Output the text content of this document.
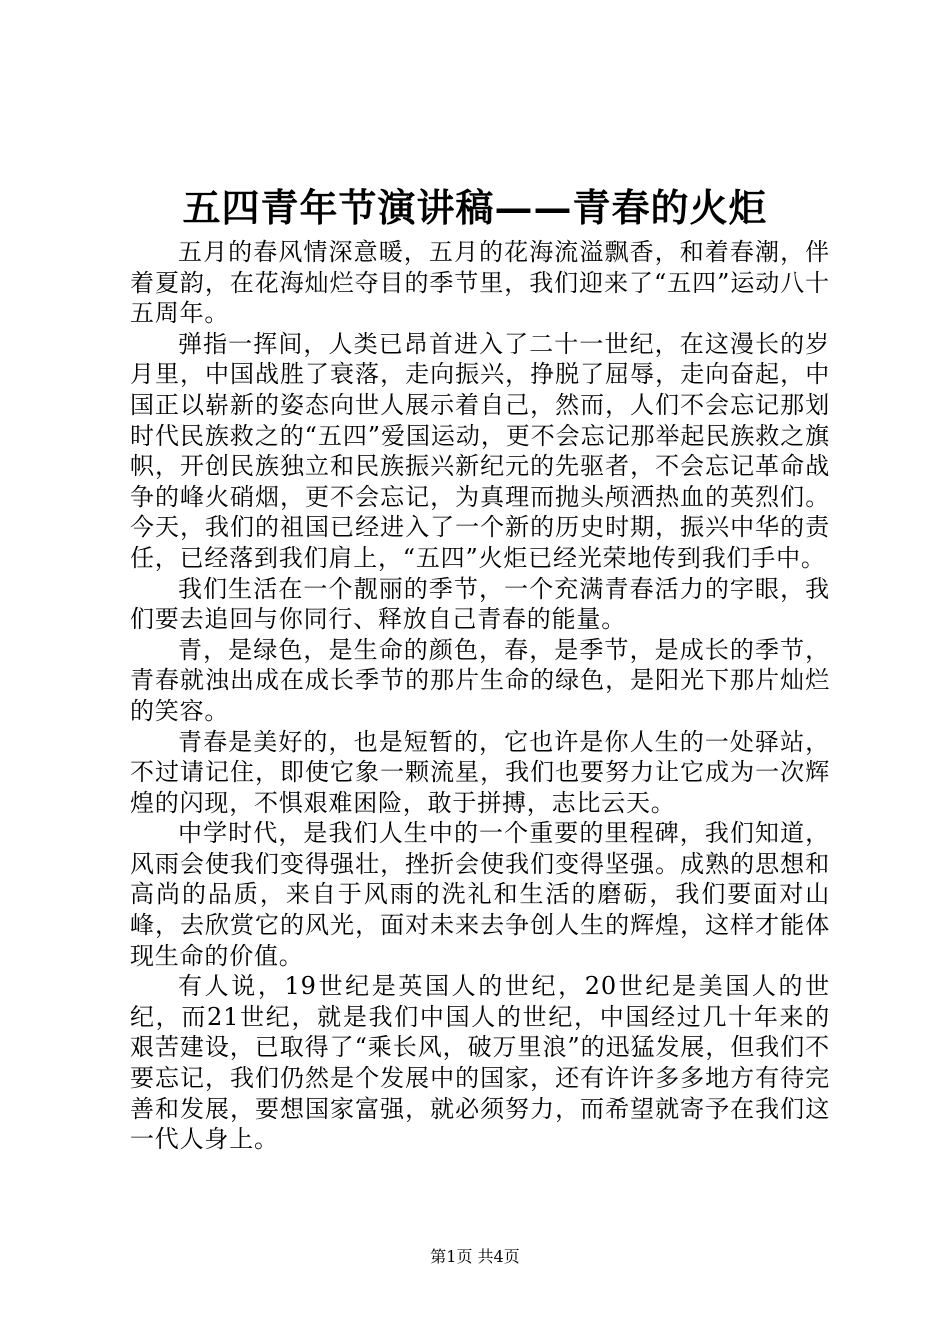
五四青年节演讲稿——青春的火炬

五月的春风情深意暖，五月的花海流溢飘香，和着春潮，伴着夏韵，在花海灿烂夺目的季节里，我们迎来了“五四”运动八十五周年。

弹指一挥间，人类已昂首进入了二十一世纪，在这漫长的岁月里，中国战胜了衰落，走向振兴，挣脱了屈辱，走向奋起，中国正以崭新的姿态向世人展示着自己，然而，人们不会忘记那划时代民族救之的“五四”爱国运动，更不会忘记那举起民族救之旗帜，开创民族独立和民族振兴新纪元的先驱者，不会忘记革命战争的峰火硝烟，更不会忘记，为真理而抛头颅洒热血的英烈们。今天，我们的祖国已经进入了一个新的历史时期，振兴中华的责任，已经落到我们肩上，“五四”火炬已经光荣地传到我们手中。

我们生活在一个靓丽的季节，一个充满青春活力的字眼，我们要去追回与你同行、释放自己青春的能量。

青，是绿色，是生命的颜色，春，是季节，是成长的季节，青春就浊出成在成长季节的那片生命的绿色，是阳光下那片灿烂的笑容。

青春是美好的，也是短暂的，它也许是你人生的一处驿站，不过请记住，即使它象一颗流星，我们也要努力让它成为一次辉煌的闪现，不惧艰难困险，敢于拼搏，志比云天。

中学时代，是我们人生中的一个重要的里程碑，我们知道，风雨会使我们变得强壮，挫折会使我们变得坚强。成熟的思想和高尚的品质，来自于风雨的洗礼和生活的磨砺，我们要面对山峰，去欣赏它的风光，面对未来去争创人生的辉煌，这样才能体现生命的价值。

有人说，19世纪是英国人的世纪，20世纪是美国人的世纪，而21世纪，就是我们中国人的世纪，中国经过几十年来的艰苦建设，已取得了“乘长风，破万里浪”的迅猛发展，但我们不要忘记，我们仍然是个发展中的国家，还有许许多多地方有待完善和发展，要想国家富强，就必须努力，而希望就寄予在我们这一代人身上。

第1页 共4页
